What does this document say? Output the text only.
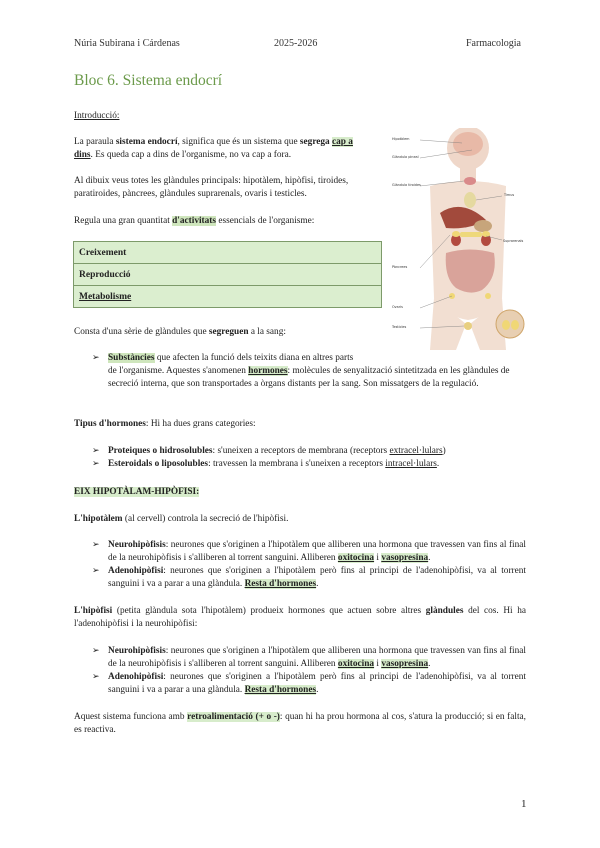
Núria Subirana i Cárdenas	2025-2026	Farmacologia
Bloc 6. Sistema endocrí
Introducció:
La paraula sistema endocrí, significa que és un sistema que segrega cap a
dins. Es queda cap a dins de l'organisme, no va cap a fora.
Al dibuix veus totes les glàndules principals: hipotàlem, hipòfisi, tiroides, paratiroides, pàncrees, glàndules suprarenals, ovaris i testicles.
Regula una gran quantitat d'activitats essencials de l'organisme:
Creixement
Reproducció
Metabolisme
Consta d'una sèrie de glàndules que segreguen a la sang:
Hipotàlem
Glàndula pineal
Glàndula tiroides
Timus
Pàncrees
Ovaris
Testicles
Suprarenals
➢ Substàncies que afecten la funció dels teixits diana en altres parts
de l'organisme. Aquestes s'anomenen hormones: molècules de senyalització sintetitzada en les glàndules de secreció interna, que son transportades a òrgans distants per la sang. Son missatgers de la regulació.
Tipus d'hormones: Hi ha dues grans categories:
➢ Proteiques o hidrosolubles: s'uneixen a receptors de membrana (receptors extracel·lulars)
➢ Esteroidals o liposolubles: travessen la membrana i s'uneixen a receptors intracel·lulars.
EIX HIPOTÀLAM-HIPÒFISI:
L'hipotàlem (al cervell) controla la secreció de l'hipòfisi.
➢ Neurohipòfisis: neurones que s'originen a l'hipotàlem que alliberen una hormona que travessen van fins al final de la neurohipòfisis i s'alliberen al torrent sanguini. Alliberen oxitocina i vasopresina.
➢ Adenohipòfisi: neurones que s'originen a l'hipotàlem però fins al principi de l'adenohipòfisi, va al torrent sanguini i va a parar a una glàndula. Resta d'hormones.
L'hipòfisi (petita glàndula sota l'hipotàlem) produeix hormones que actuen sobre altres glàndules del cos. Hi ha l'adenohipòfisi i la neurohipòfisi:
➢ Neurohipòfisis: neurones que s'originen a l'hipotàlem que alliberen una hormona que travessen van fins al final de la neurohipòfisis i s'alliberen al torrent sanguini. Alliberen oxitocina i vasopresina.
➢ Adenohipòfisi: neurones que s'originen a l'hipotàlem però fins al principi de l'adenohipòfisi, va al torrent sanguini i va a parar a una glàndula. Resta d'hormones.
Aquest sistema funciona amb retroalimentació (+ o -): quan hi ha prou hormona al cos, s'atura la producció; si en falta, es reactiva.
1
